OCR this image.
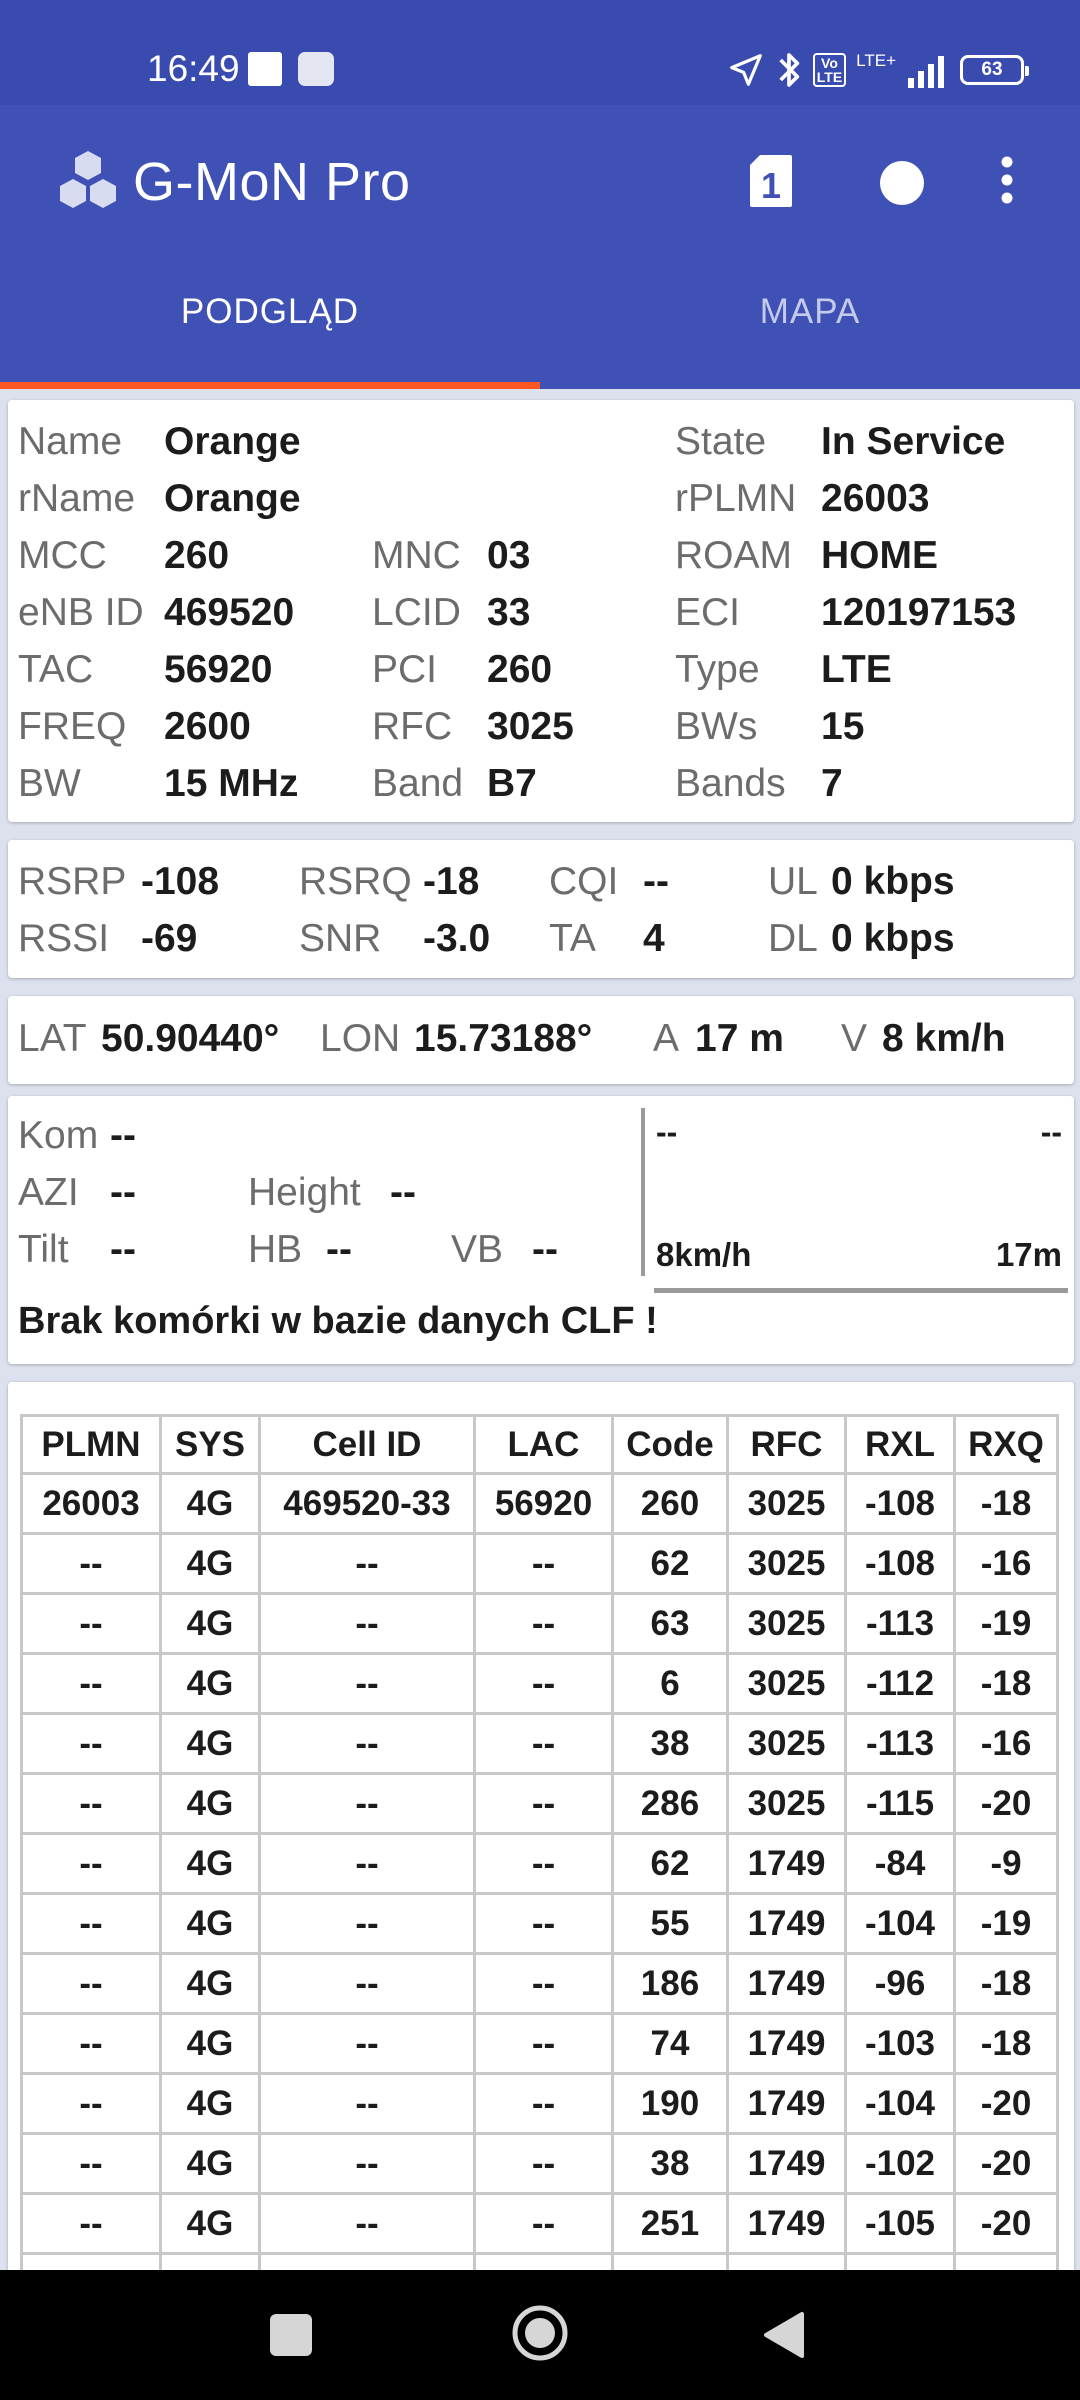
16:49	Vo
LTE
LTE+	63
G-MoN Pro	1
PODGLĄD	MAPA
Name Orange	State In Service
rName Orange	rPLMN 26003
MCC 260	MNC 03	ROAM HOME
eNB ID 469520 LCID 33	ECI 120197153
TAC 56920	PCI 260	Type LTE
FREQ 2600	RFC 3025	BWs 15
BW 15 MHz Band B7	Bands 7
RSRP -108 RSRQ -18 CQI --	UL 0 kbps
RSSI -69	SNR -3.0 TA 4	DL 0 kbps
LAT 50.90440° LON 15.73188° A 17 m V 8 km/h
Kom --
AZI --	Height --
Tilt --	HB --	VB --
--	--
8km/h	17m
Brak komórki w bazie danych CLF !
PLMN	SYS	Cell ID	LAC	Code	RFC	RXL	RXQ
26003	4G	469520-33	56920	260	3025	-108	-18
--	4G	--	--	62	3025	-108	-16
--	4G	--	--	63	3025	-113	-19
--	4G	--	--	6	3025	-112	-18
--	4G	--	--	38	3025	-113	-16
--	4G	--	--	286	3025	-115	-20
--	4G	--	--	62	1749	-84	-9
--	4G	--	--	55	1749	-104	-19
--	4G	--	--	186	1749	-96	-18
--	4G	--	--	74	1749	-103	-18
--	4G	--	--	190	1749	-104	-20
--	4G	--	--	38	1749	-102	-20
--	4G	--	--	251	1749	-105	-20
